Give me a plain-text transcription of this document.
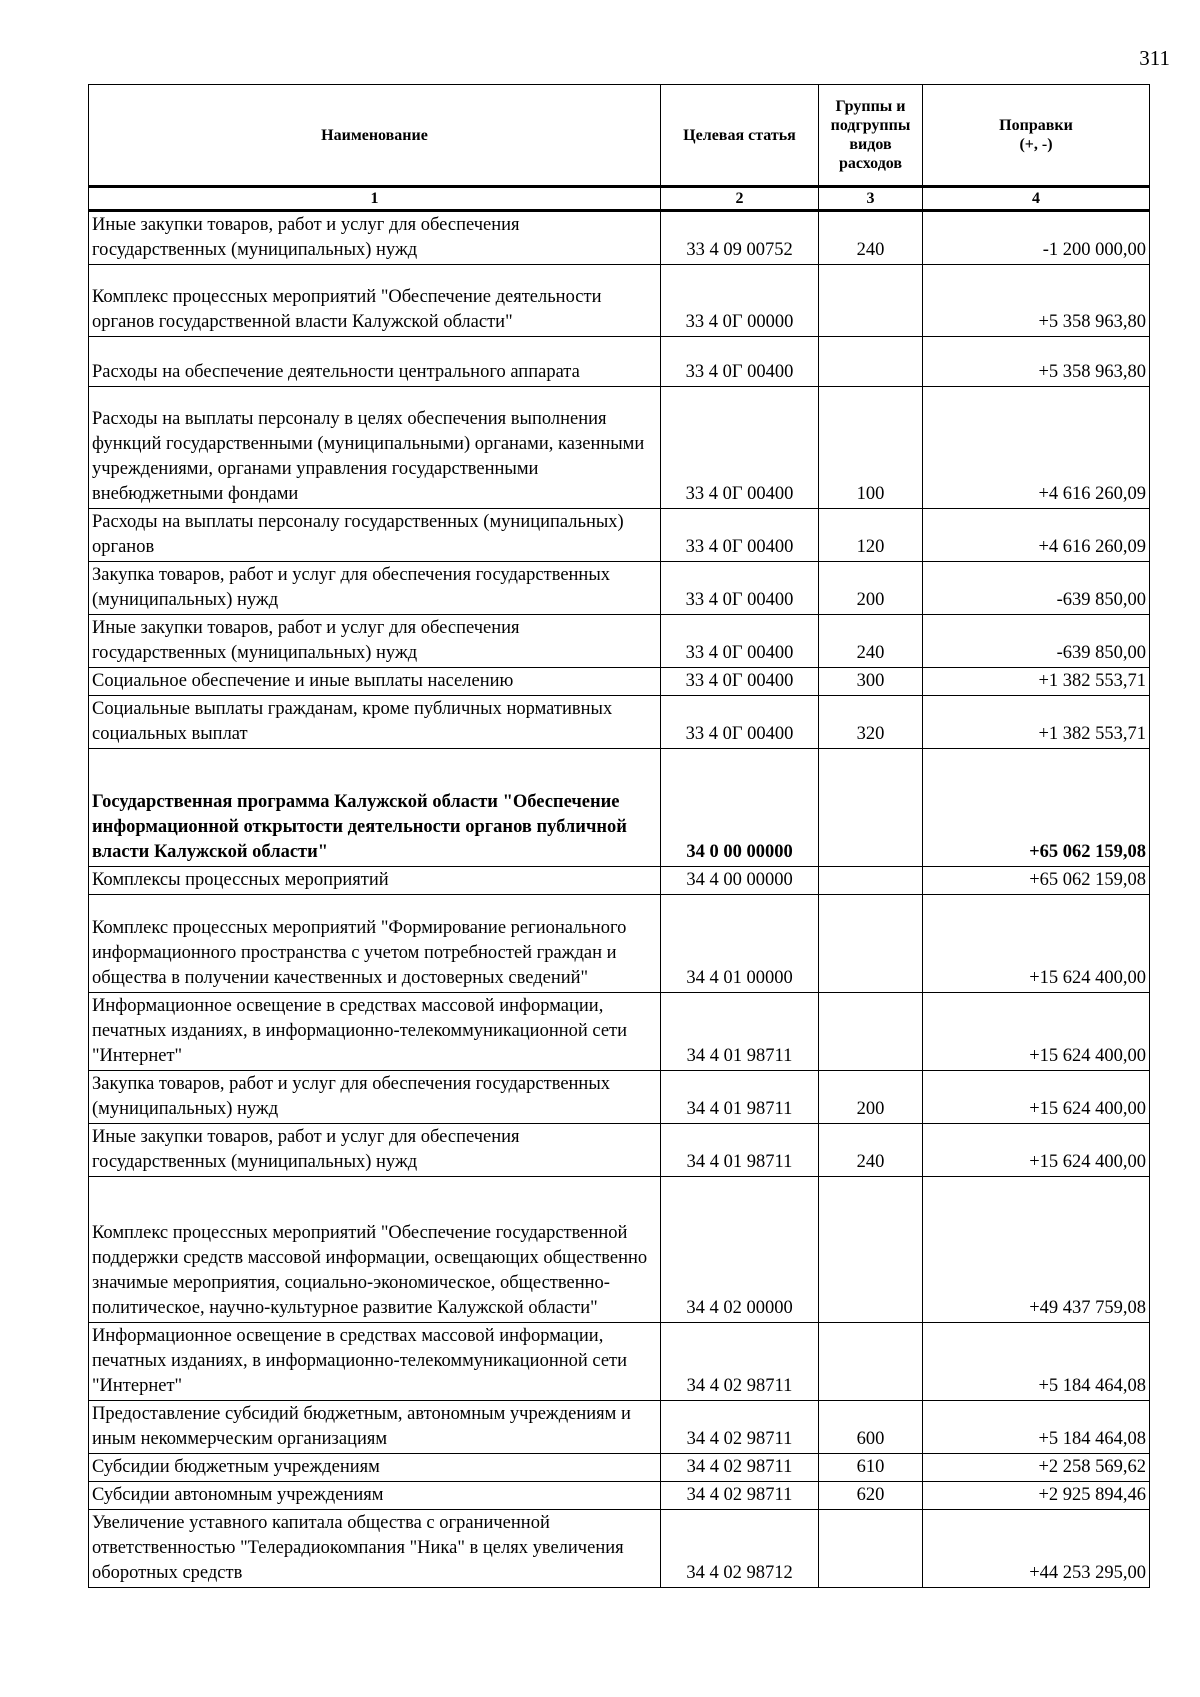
311
Наименование	Целевая статья	Группы и подгруппы видов расходов	Поправки
(+, -)
1	2	3	4
Иные закупки товаров, работ и услуг для обеспечения государственных (муниципальных) нужд	33 4 09 00752	240	-1 200 000,00
Комплекс процессных мероприятий "Обеспечение деятельности органов государственной власти Калужской области"	33 4 0Г 00000		+5 358 963,80
Расходы на обеспечение деятельности центрального аппарата	33 4 0Г 00400		+5 358 963,80
Расходы на выплаты персоналу в целях обеспечения выполнения функций государственными (муниципальными) органами, казенными учреждениями, органами управления государственными внебюджетными фондами	33 4 0Г 00400	100	+4 616 260,09
Расходы на выплаты персоналу государственных (муниципальных) органов	33 4 0Г 00400	120	+4 616 260,09
Закупка товаров, работ и услуг для обеспечения государственных (муниципальных) нужд	33 4 0Г 00400	200	-639 850,00
Иные закупки товаров, работ и услуг для обеспечения государственных (муниципальных) нужд	33 4 0Г 00400	240	-639 850,00
Социальное обеспечение и иные выплаты населению	33 4 0Г 00400	300	+1 382 553,71
Социальные выплаты гражданам, кроме публичных нормативных социальных выплат	33 4 0Г 00400	320	+1 382 553,71
Государственная программа Калужской области "Обеспечение информационной открытости деятельности органов публичной власти Калужской области"	34 0 00 00000		+65 062 159,08
Комплексы процессных мероприятий	34 4 00 00000		+65 062 159,08
Комплекс процессных мероприятий "Формирование регионального информационного пространства с учетом потребностей граждан и общества в получении качественных и достоверных сведений"	34 4 01 00000		+15 624 400,00
Информационное освещение в средствах массовой информации, печатных изданиях, в информационно-телекоммуникационной сети "Интернет"	34 4 01 98711		+15 624 400,00
Закупка товаров, работ и услуг для обеспечения государственных (муниципальных) нужд	34 4 01 98711	200	+15 624 400,00
Иные закупки товаров, работ и услуг для обеспечения государственных (муниципальных) нужд	34 4 01 98711	240	+15 624 400,00
Комплекс процессных мероприятий "Обеспечение государственной поддержки средств массовой информации, освещающих общественно значимые мероприятия, социально-экономическое, общественно-политическое, научно-культурное развитие Калужской области"	34 4 02 00000		+49 437 759,08
Информационное освещение в средствах массовой информации, печатных изданиях, в информационно-телекоммуникационной сети "Интернет"	34 4 02 98711		+5 184 464,08
Предоставление субсидий бюджетным, автономным учреждениям и иным некоммерческим организациям	34 4 02 98711	600	+5 184 464,08
Субсидии бюджетным учреждениям	34 4 02 98711	610	+2 258 569,62
Субсидии автономным учреждениям	34 4 02 98711	620	+2 925 894,46
Увеличение уставного капитала общества с ограниченной ответственностью "Телерадиокомпания "Ника" в целях увеличения оборотных средств	34 4 02 98712		+44 253 295,00
